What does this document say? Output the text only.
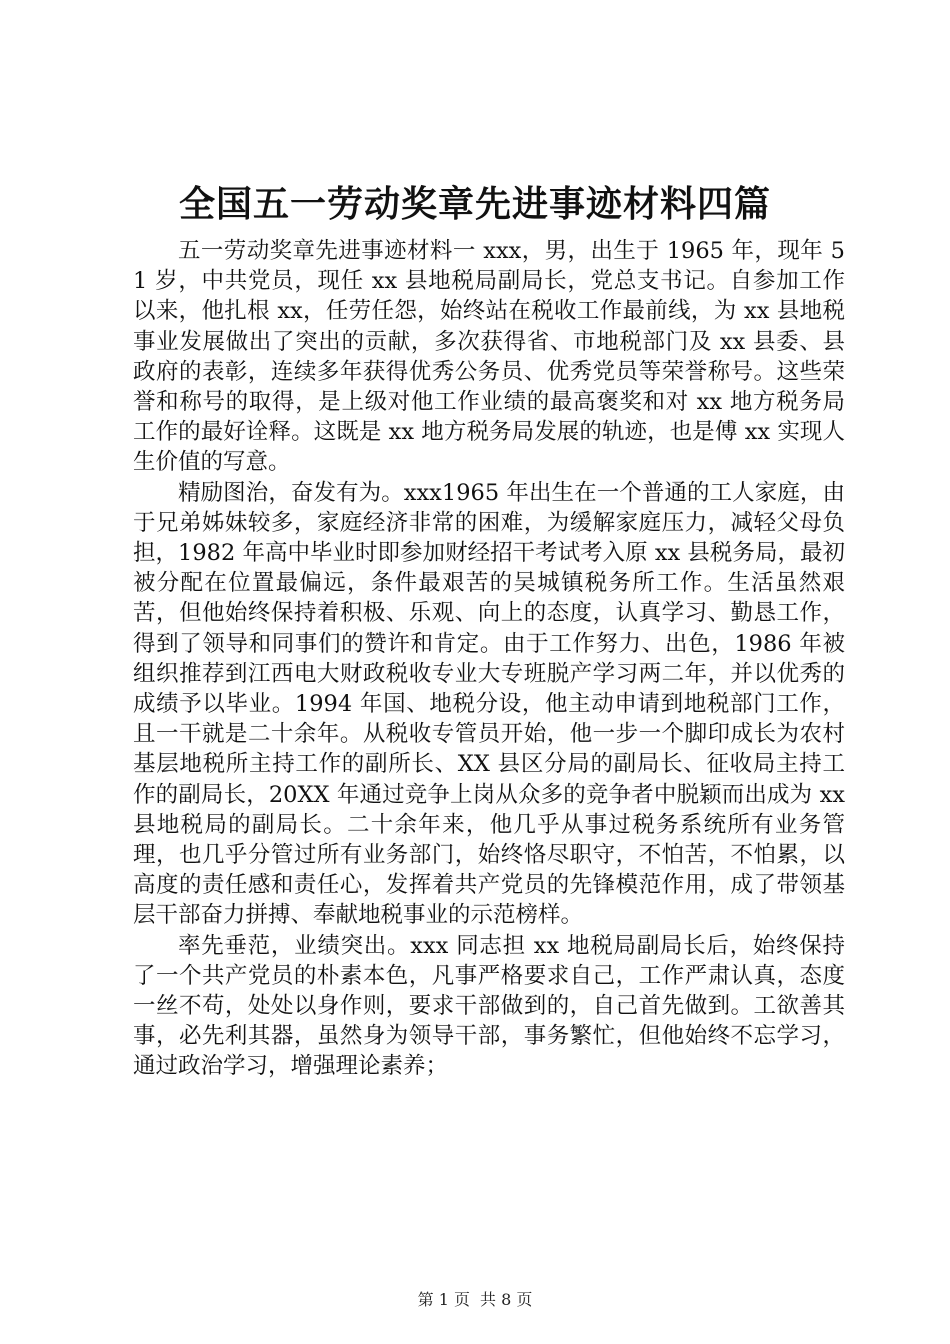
全国五一劳动奖章先进事迹材料四篇

五一劳动奖章先进事迹材料一 xxx，男，出生于 1965 年，现年 51 岁，中共党员，现任 xx 县地税局副局长，党总支书记。自参加工作以来，他扎根 xx，任劳任怨，始终站在税收工作最前线，为 xx 县地税事业发展做出了突出的贡献，多次获得省、市地税部门及 xx 县委、县政府的表彰，连续多年获得优秀公务员、优秀党员等荣誉称号。这些荣誉和称号的取得，是上级对他工作业绩的最高褒奖和对 xx 地方税务局工作的最好诠释。这既是 xx 地方税务局发展的轨迹，也是傅 xx 实现人生价值的写意。

精励图治，奋发有为。xxx1965 年出生在一个普通的工人家庭，由于兄弟姊妹较多，家庭经济非常的困难，为缓解家庭压力，减轻父母负担，1982 年高中毕业时即参加财经招干考试考入原 xx 县税务局，最初被分配在位置最偏远，条件最艰苦的吴城镇税务所工作。生活虽然艰苦，但他始终保持着积极、乐观、向上的态度，认真学习、勤恳工作，得到了领导和同事们的赞许和肯定。由于工作努力、出色，1986 年被组织推荐到江西电大财政税收专业大专班脱产学习两二年，并以优秀的成绩予以毕业。1994 年国、地税分设，他主动申请到地税部门工作，且一干就是二十余年。从税收专管员开始，他一步一个脚印成长为农村基层地税所主持工作的副所长、XX 县区分局的副局长、征收局主持工作的副局长，20XX 年通过竞争上岗从众多的竞争者中脱颖而出成为 xx 县地税局的副局长。二十余年来，他几乎从事过税务系统所有业务管理，也几乎分管过所有业务部门，始终恪尽职守，不怕苦，不怕累，以高度的责任感和责任心，发挥着共产党员的先锋模范作用，成了带领基层干部奋力拼搏、奉献地税事业的示范榜样。

率先垂范，业绩突出。xxx 同志担 xx 地税局副局长后，始终保持了一个共产党员的朴素本色，凡事严格要求自己，工作严肃认真，态度一丝不苟，处处以身作则，要求干部做到的，自己首先做到。工欲善其事，必先利其器，虽然身为领导干部，事务繁忙，但他始终不忘学习，通过政治学习，增强理论素养；

第 1 页 共 8 页
